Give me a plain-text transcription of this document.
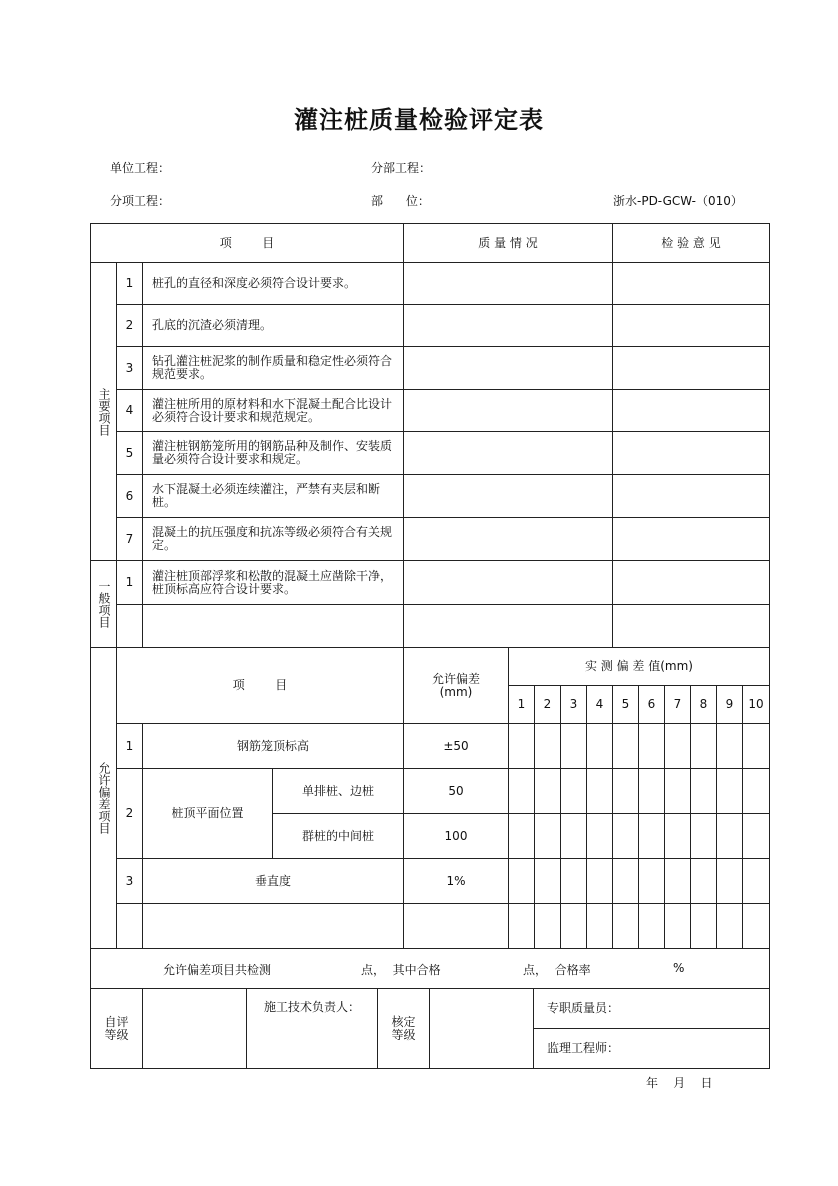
灌注桩质量检验评定表
单位工程：	分部工程：
分项工程：	部      位：	浙水-PD-GCW-（010）
项        目	质 量 情 况	检 验 意 见
主要项目
1	桩孔的直径和深度必须符合设计要求。
2	孔底的沉渣必须清理。
3	钻孔灌注桩泥浆的制作质量和稳定性必须符合规范要求。
4	灌注桩所用的原材料和水下混凝土配合比设计必须符合设计要求和规范规定。
5	灌注桩钢筋笼所用的钢筋品种及制作、安装质量必须符合设计要求和规定。
6	水下混凝土必须连续灌注，严禁有夹层和断桩。
7	混凝土的抗压强度和抗冻等级必须符合有关规定。
一般项目	1	灌注桩顶部浮浆和松散的混凝土应凿除干净，桩顶标高应符合设计要求。
允许偏差项目
项        目	允许偏差
(mm)
实 测 偏 差 值(mm)
1	2	3	4	5	6	7	8	9	10
1	钢筋笼顶标高	±50
2	桩顶平面位置
单排桩、边桩	50
群桩的中间桩	100
3	垂直度	1%
允许偏差项目共检测	点，  其中合格	点，  合格率	%
自评等级
施工技术负责人：
核定等级
专职质量员：
监理工程师：
年    月    日
